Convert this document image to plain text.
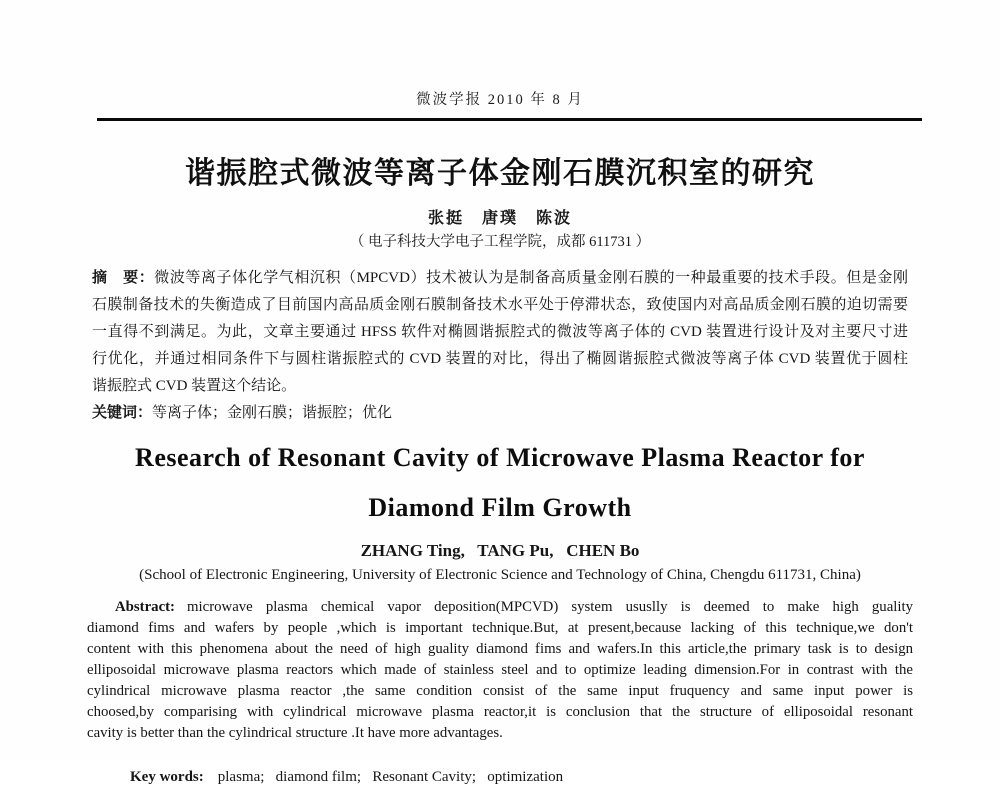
微波学报 2010 年 8 月
谐振腔式微波等离子体金刚石膜沉积室的研究
张挺　唐璞　陈波
（ 电子科技大学电子工程学院，成都 611731 ）
摘　要：微波等离子体化学气相沉积（MPCVD）技术被认为是制备高质量金刚石膜的一种最重要的技术手段。但是金刚
石膜制备技术的失衡造成了目前国内高品质金刚石膜制备技术水平处于停滞状态，致使国内对高品质金刚石膜的迫切需要
一直得不到满足。为此，文章主要通过 HFSS 软件对椭圆谐振腔式的微波等离子体的 CVD 装置进行设计及对主要尺寸进
行优化，并通过相同条件下与圆柱谐振腔式的 CVD 装置的对比，得出了椭圆谐振腔式微波等离子体 CVD 装置优于圆柱
谐振腔式 CVD 装置这个结论。
关键词：等离子体；金刚石膜；谐振腔；优化
Research of Resonant Cavity of Microwave Plasma Reactor for
Diamond Film Growth
ZHANG Ting,   TANG Pu,   CHEN Bo
(School of Electronic Engineering, University of Electronic Science and Technology of China, Chengdu 611731, China)
Abstract: microwave plasma chemical vapor deposition(MPCVD) system ususlly is deemed to make high guality
diamond fims and wafers by people ,which is important technique.But, at present,because lacking of this technique,we don't
content with this phenomena about the need of high guality diamond fims and wafers.In this article,the primary task is to design
elliposoidal microwave plasma reactors which made of stainless steel and to optimize leading dimension.For in contrast with the
cylindrical microwave plasma reactor ,the same condition consist of the same input fruquency and same input power is
choosed,by comparising with cylindrical microwave plasma reactor,it is conclusion that the structure of elliposoidal resonant
cavity is better than the cylindrical structure .It have more advantages.

Key words: plasma;   diamond film;   Resonant Cavity;   optimization
